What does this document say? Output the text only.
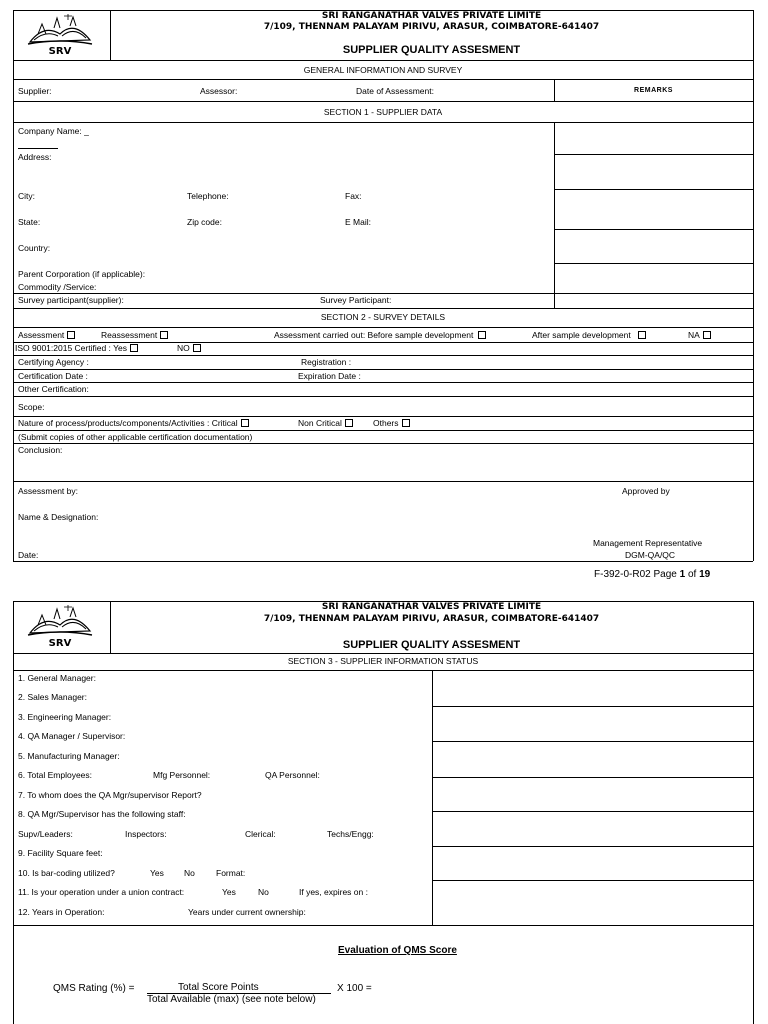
SRV
SRI RANGANATHAR VALVES PRIVATE LIMITE
7/109, THENNAM PALAYAM PIRIVU, ARASUR, COIMBATORE-641407
SUPPLIER QUALITY ASSESMENT
GENERAL INFORMATION AND SURVEY
Supplier:	Assessor:	Date of Assessment:	REMARKS
SECTION 1 - SUPPLIER DATA
Company Name: _
Address:
City:	Telephone:	Fax:
State:	Zip code:	E Mail:
Country:
Parent Corporation (if applicable):
Commodity /Service:
Survey participant(supplier):	Survey Participant:
SECTION 2 - SURVEY DETAILS
Assessment	Reassessment	Assessment carried out: Before sample development	After sample development	NA
ISO 9001:2015 Certified : Yes	NO
Certifying Agency :	Registration :
Certification Date :	Expiration Date :
Other Certification:
Scope:
Nature of process/products/components/Activities : Critical	Non Critical	Others
(Submit copies of other applicable certification documentation)
Conclusion:
Assessment by:	Approved by
Name & Designation:
Management Representative
DGM-QA/QC
Date:
F-392-0-R02 Page 1 of 19
SRV
SRI RANGANATHAR VALVES PRIVATE LIMITE
7/109, THENNAM PALAYAM PIRIVU, ARASUR, COIMBATORE-641407
SUPPLIER QUALITY ASSESMENT
SECTION 3 - SUPPLIER INFORMATION STATUS
1. General Manager:
2. Sales Manager:
3. Engineering Manager:
4. QA Manager / Supervisor:
5. Manufacturing Manager:
6. Total Employees:	Mfg Personnel:	QA Personnel:
7. To whom does the QA Mgr/supervisor Report?
8. QA Mgr/Supervisor has the following staff:
Supv/Leaders:	Inspectors:	Clerical:	Techs/Engg:
9. Facility Square feet:
10. Is bar-coding utilized?	Yes No Format:
11. Is your operation under a union contract:	Yes	No	If yes, expires on :
12. Years in Operation:	Years under current ownership:
Evaluation of QMS Score
QMS Rating (%) =	Total Score Points	X 100 =
Total Available (max) (see note below)
